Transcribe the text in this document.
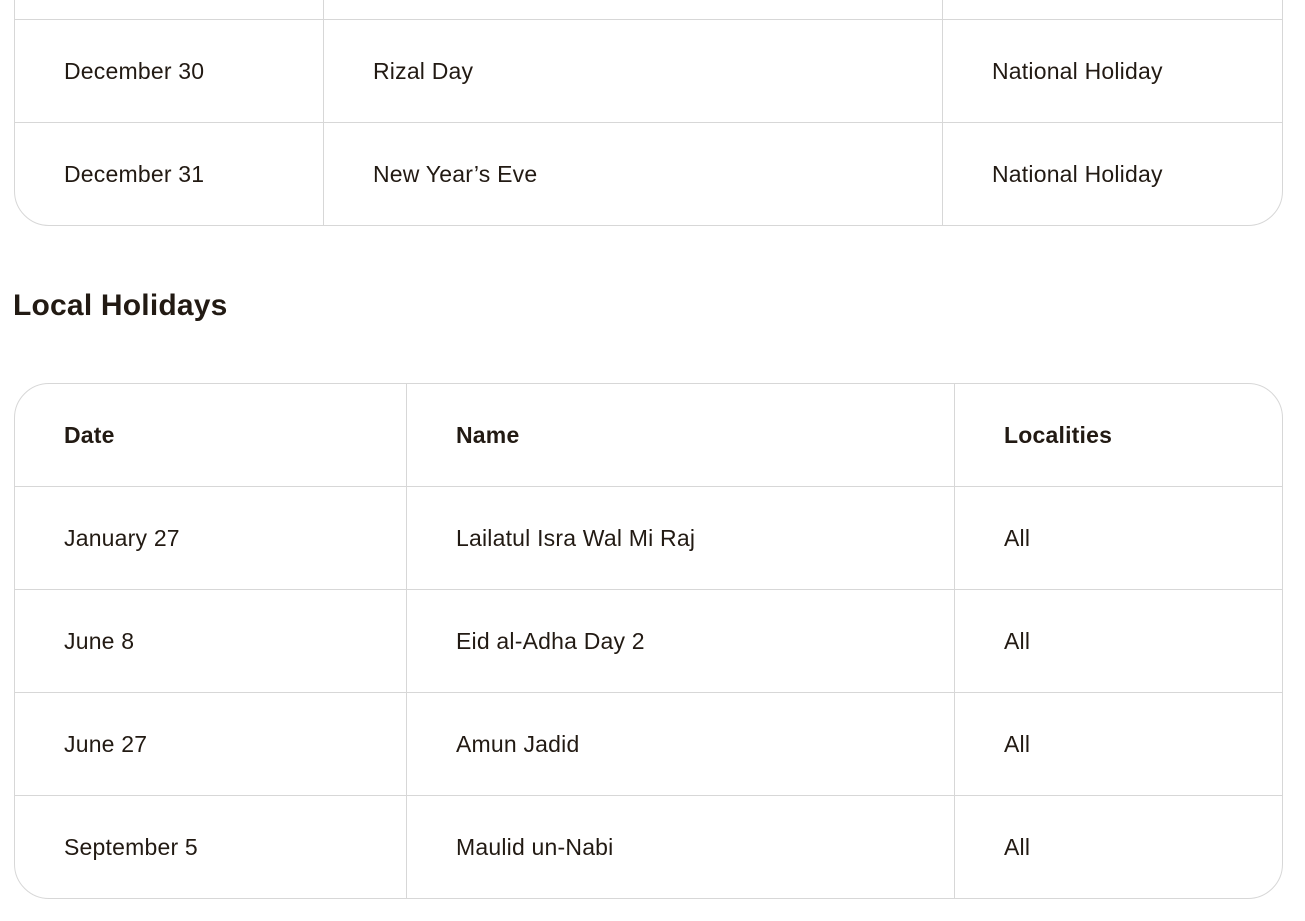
December 30	Rizal Day	National Holiday
December 31	New Year’s Eve	National Holiday
Local Holidays
Date	Name	Localities
January 27	Lailatul Isra Wal Mi Raj	All
June 8	Eid al-Adha Day 2	All
June 27	Amun Jadid	All
September 5	Maulid un-Nabi	All
